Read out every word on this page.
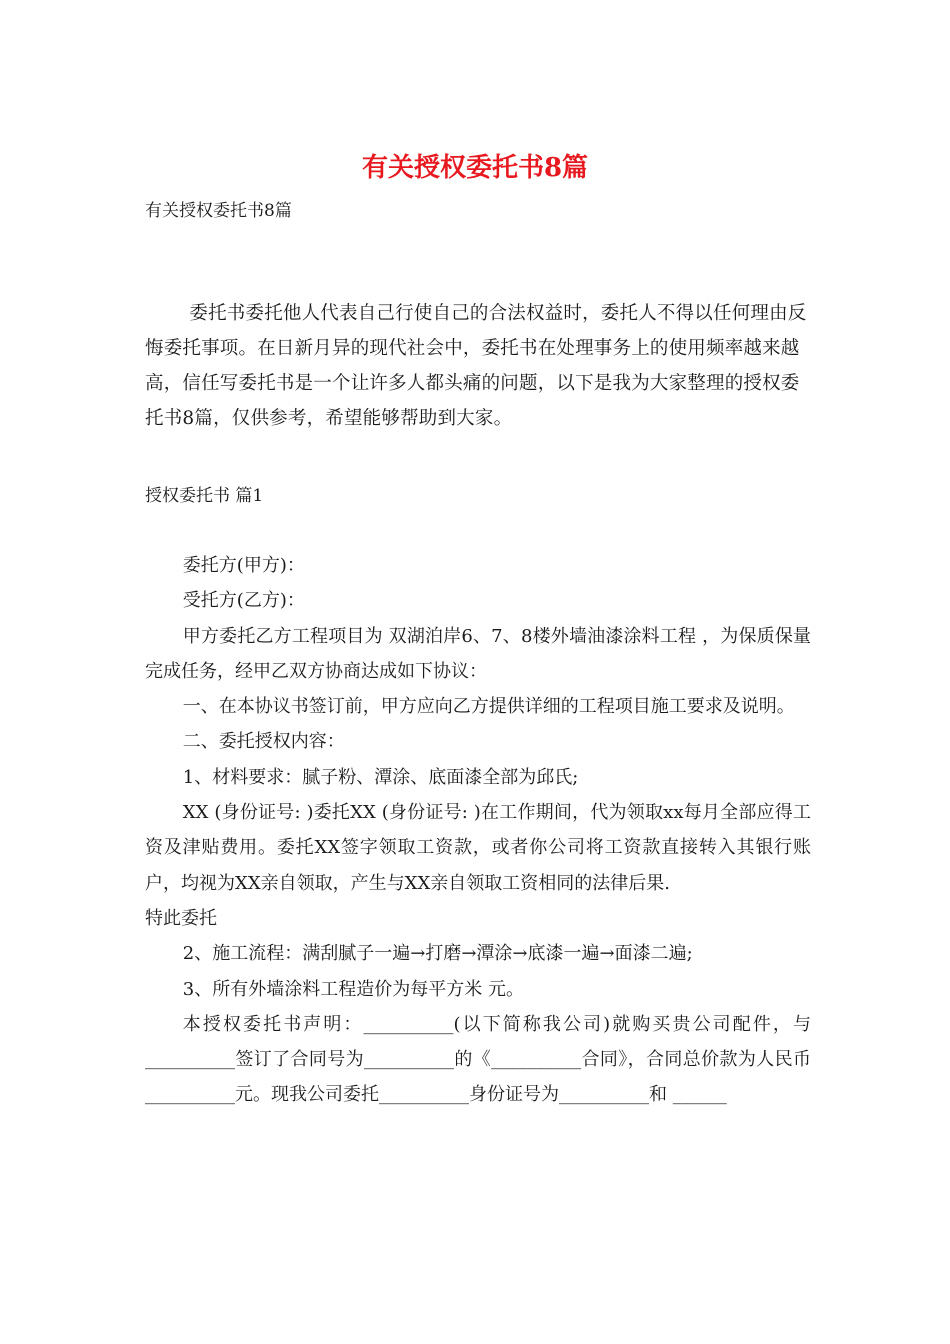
有关授权委托书8篇

有关授权委托书8篇

委托书委托他人代表自己行使自己的合法权益时，委托人不得以任何理由反悔委托事项。在日新月异的现代社会中，委托书在处理事务上的使用频率越来越高，信任写委托书是一个让许多人都头痛的问题，以下是我为大家整理的授权委托书8篇，仅供参考，希望能够帮助到大家。

授权委托书 篇1

委托方(甲方)：

受托方(乙方)：

甲方委托乙方工程项目为 双湖泊岸6、7、8楼外墙油漆涂料工程 ，为保质保量完成任务，经甲乙双方协商达成如下协议：

一、在本协议书签订前，甲方应向乙方提供详细的工程项目施工要求及说明。

二、委托授权内容：

1、材料要求：腻子粉、潭涂、底面漆全部为邱氏;

XX (身份证号: )委托XX (身份证号: )在工作期间，代为领取xx每月全部应得工资及津贴费用。委托XX签字领取工资款，或者你公司将工资款直接转入其银行账户，均视为XX亲自领取，产生与XX亲自领取工资相同的法律后果.

特此委托

2、施工流程：满刮腻子一遍→打磨→潭涂→底漆一遍→面漆二遍;

3、所有外墙涂料工程造价为每平方米 元。

本授权委托书声明：__________(以下简称我公司)就购买贵公司配件，与__________签订了合同号为__________的《__________合同》，合同总价款为人民币__________元。现我公司委托__________身份证号为__________和 ______
